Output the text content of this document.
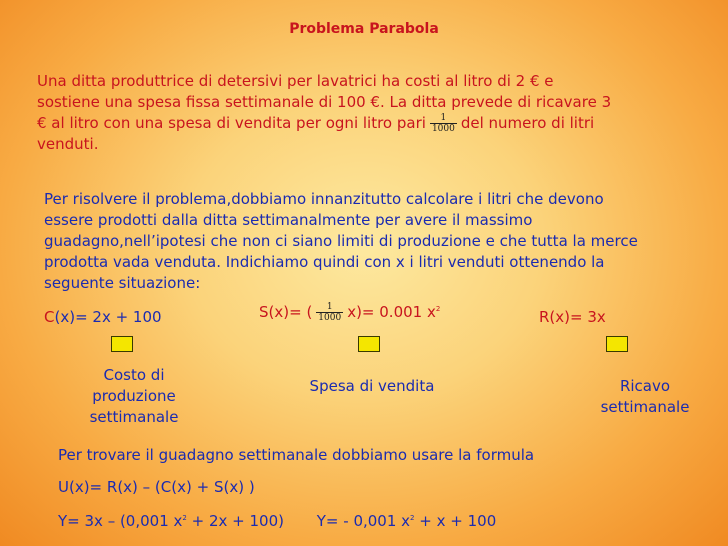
Problema Parabola
Una ditta produttrice di detersivi per lavatrici ha costi al litro di 2 € e
sostiene una spesa fissa settimanale di 100 €. La ditta prevede di ricavare 3
€ al litro con una spesa di vendita per ogni litro pari $\frac{1}{1000}$ del numero di litri
venduti.
Per risolvere il problema,dobbiamo innanzitutto calcolare i litri che devono
essere prodotti dalla ditta settimanalmente per avere il massimo
guadagno,nell’ipotesi che non ci siano limiti di produzione e che tutta la merce
prodotta vada venduta. Indichiamo quindi con x i litri venduti ottenendo la
seguente situazione:
C(x)= 2x + 100	S(x)= ( $\frac{1}{1000} x)= 0.001$ $x^2$	R(x)= 3x
Costo di
produzione
settimanale
Spesa di vendita	Ricavo
settimanale
Per trovare il guadagno settimanale dobbiamo usare la formula
U(x)= R(x) – (C(x) + S(x) )
Y= 3x – (0,001 $x^2 + 2x + 100$) Y= - 0,001 $x^2 + x + 100$
